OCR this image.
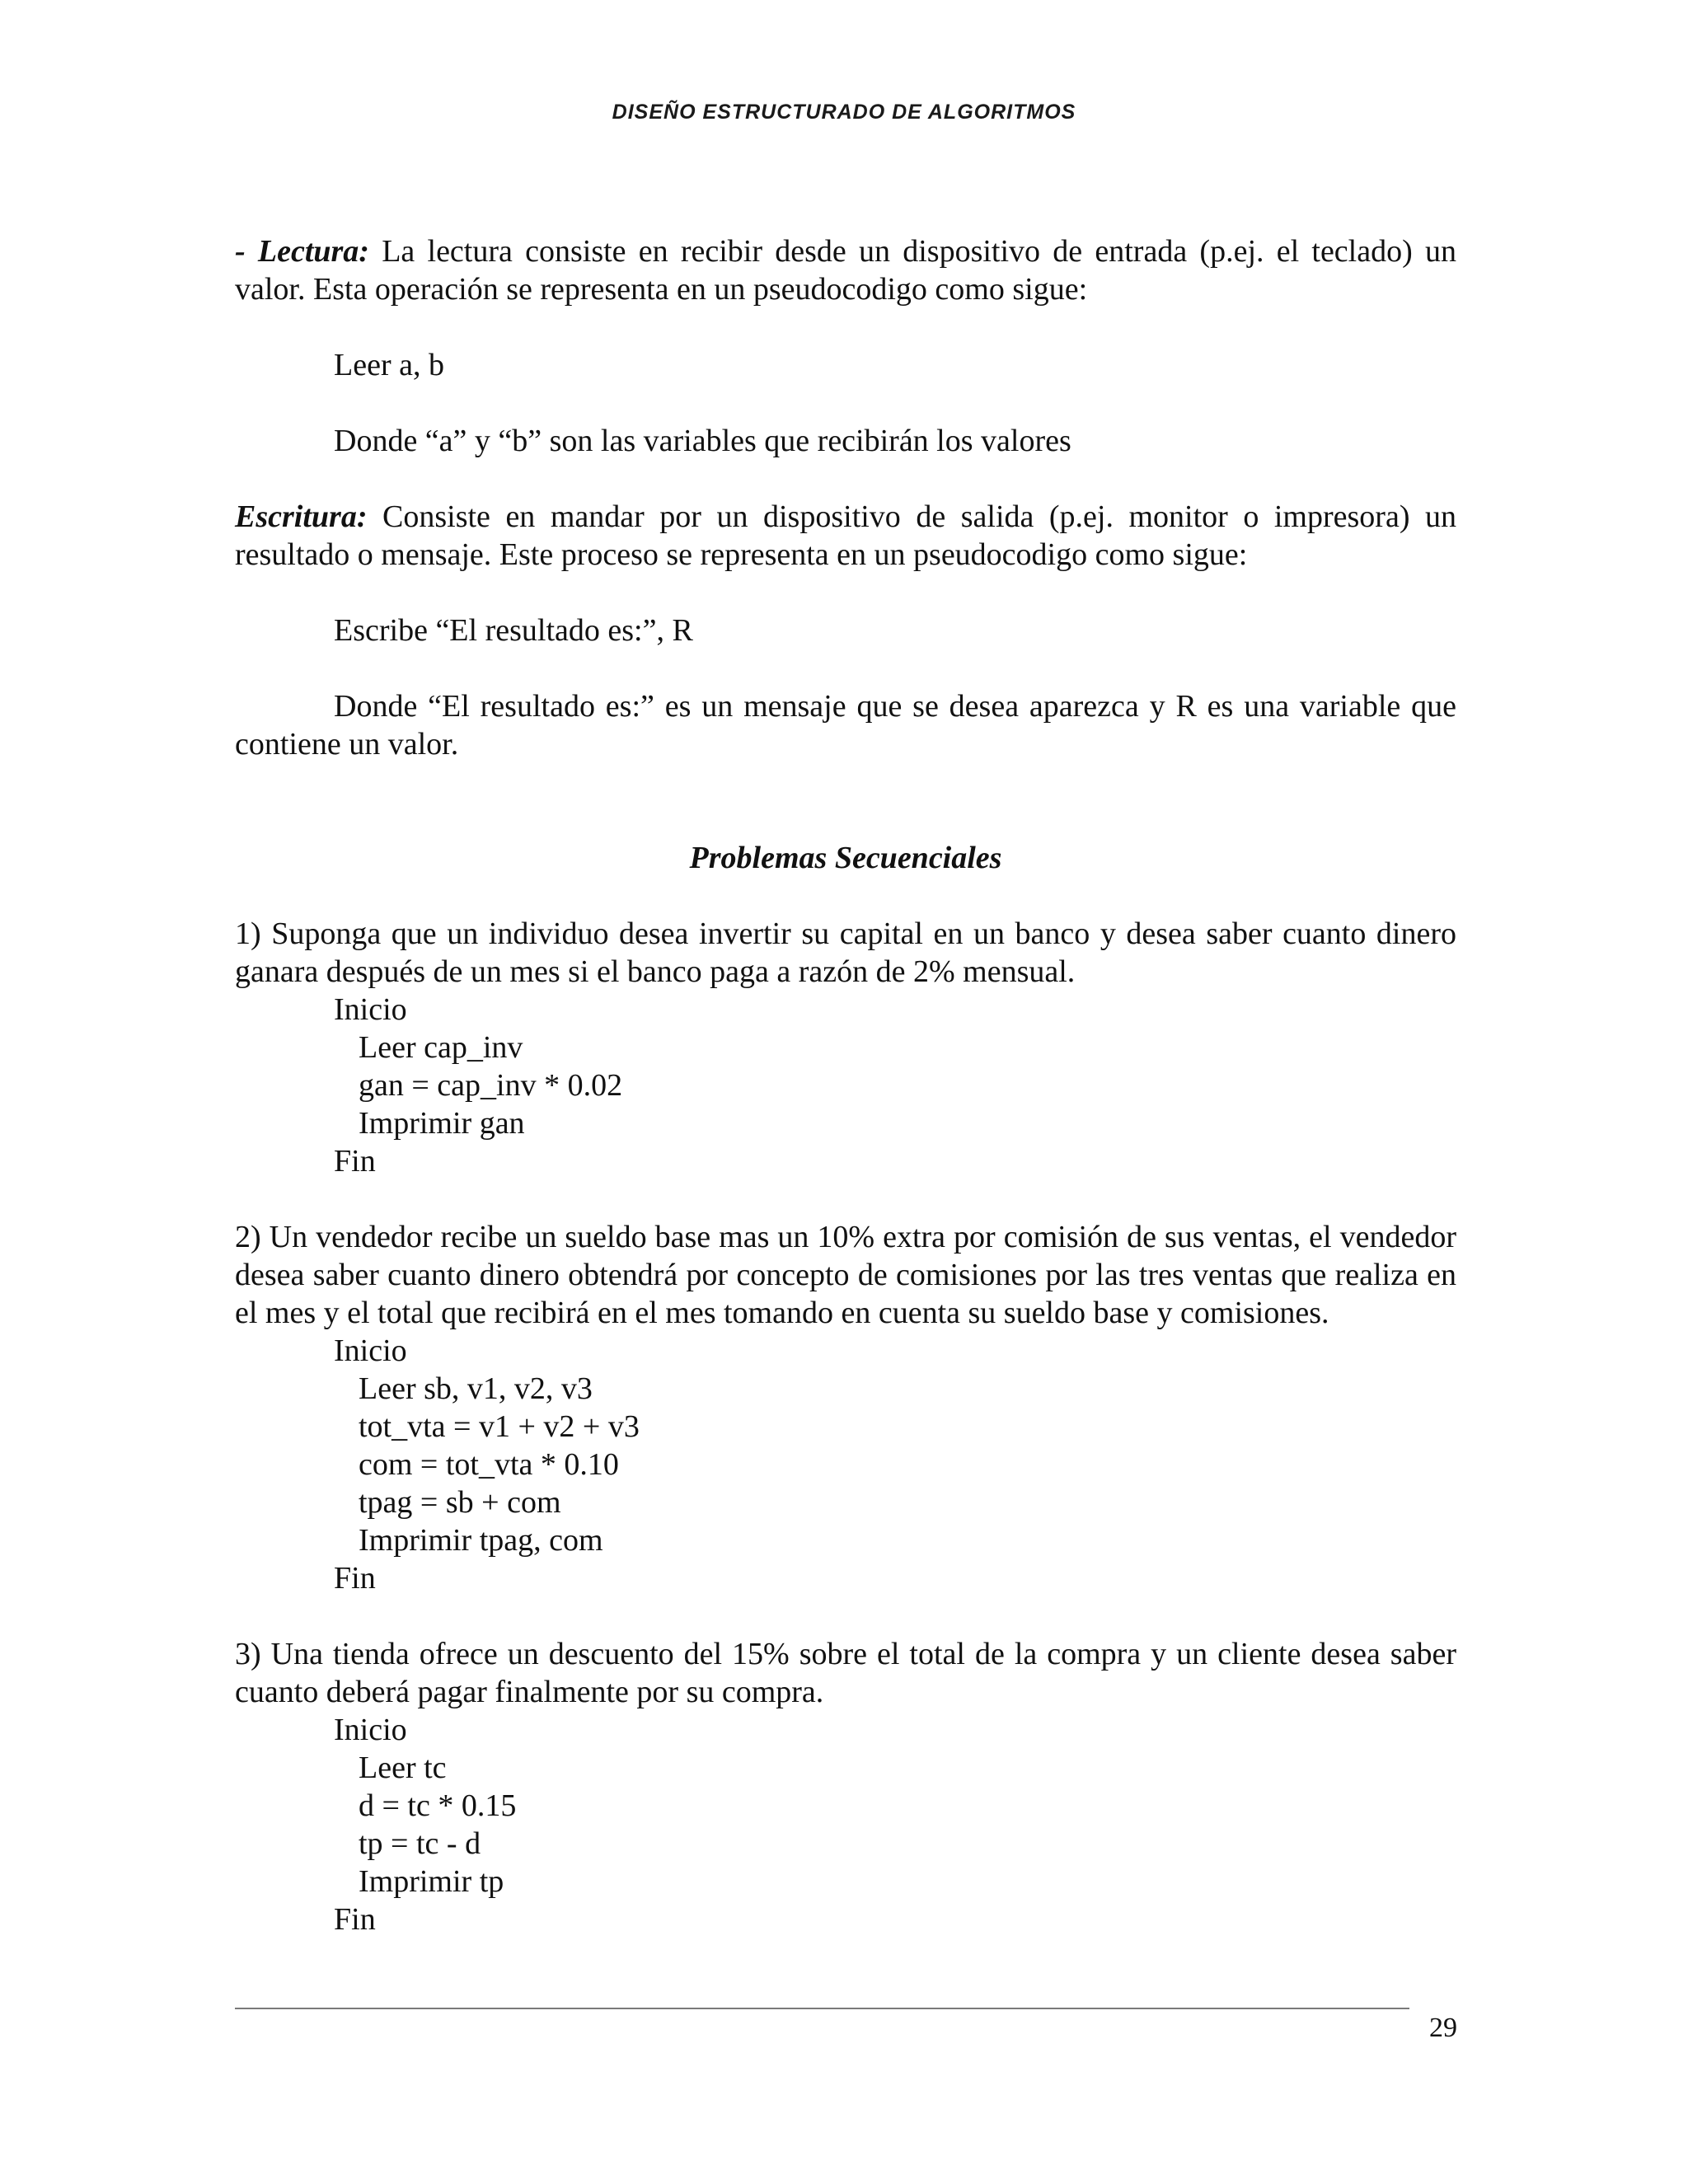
DISEÑO ESTRUCTURADO DE ALGORITMOS

- Lectura: La lectura consiste en recibir desde un dispositivo de entrada (p.ej. el teclado) un valor. Esta operación se representa en un pseudocodigo como sigue:

Leer a, b

Donde “a” y “b” son las variables que recibirán los valores

Escritura: Consiste en mandar por un dispositivo de salida (p.ej. monitor o impresora) un resultado o mensaje. Este proceso se representa en un pseudocodigo como sigue:

Escribe “El resultado es:”, R

Donde “El resultado es:” es un mensaje que se desea aparezca y R es una variable que contiene un valor.

Problemas Secuenciales

1) Suponga que un individuo desea invertir su capital en un banco y desea saber cuanto dinero ganara después de un mes si el banco paga a razón de 2% mensual.

Inicio

Leer cap_inv

gan = cap_inv * 0.02

Imprimir gan

Fin

2) Un vendedor recibe un sueldo base mas un 10% extra por comisión de sus ventas, el vendedor desea saber cuanto dinero obtendrá por concepto de comisiones por las tres ventas que realiza en el mes y el total que recibirá en el mes tomando en cuenta su sueldo base y comisiones.

Inicio

Leer sb, v1, v2, v3

tot_vta = v1 + v2 + v3

com = tot_vta * 0.10

tpag = sb + com

Imprimir tpag, com

Fin

3) Una tienda ofrece un descuento del 15% sobre el total de la compra y un cliente desea saber cuanto deberá pagar finalmente por su compra.

Inicio

Leer tc

d = tc * 0.15

tp = tc - d

Imprimir tp

Fin

29
